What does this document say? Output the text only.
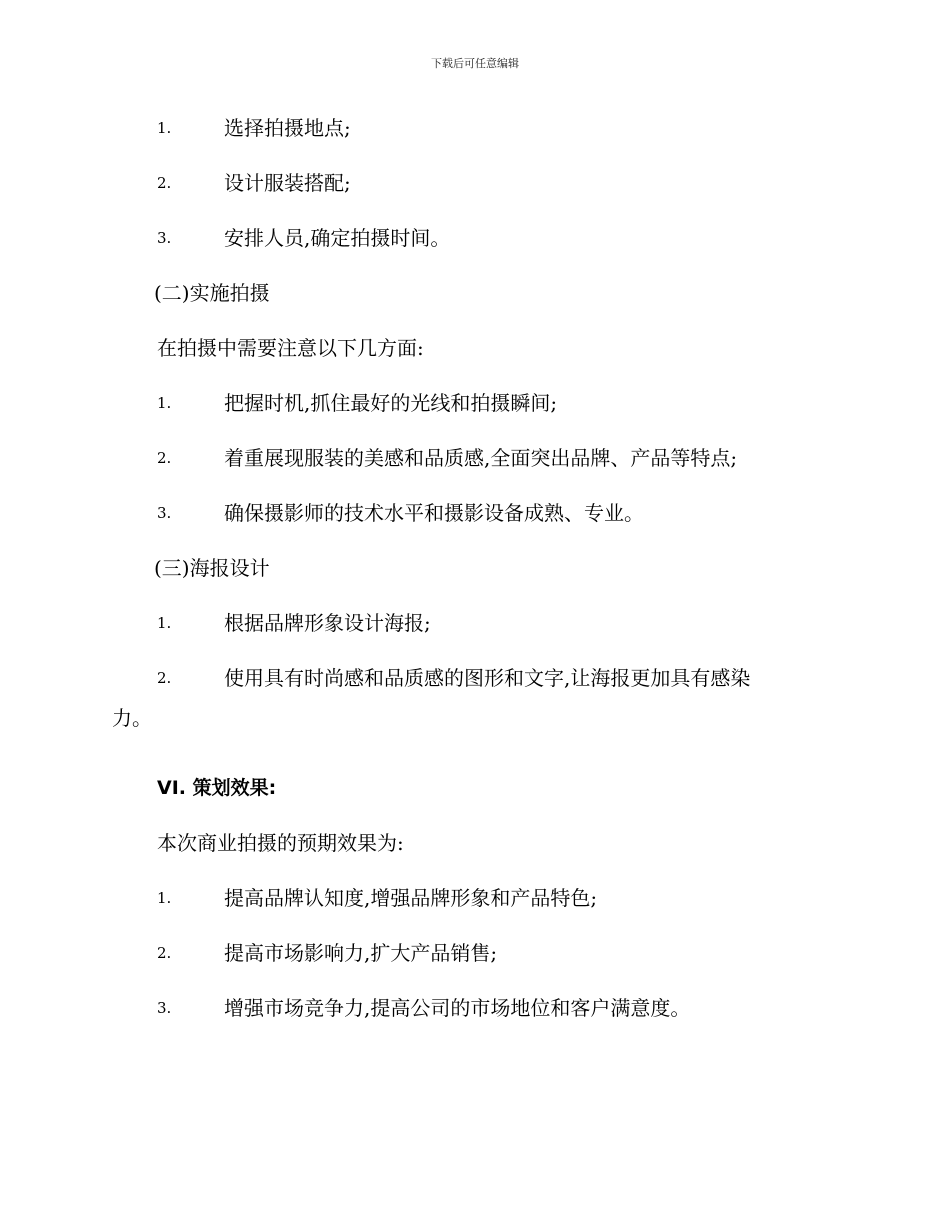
下载后可任意编辑
1.	选择拍摄地点;
2.	设计服装搭配;
3.	安排人员,确定拍摄时间。
(二)实施拍摄
在拍摄中需要注意以下几方面:
1.	把握时机,抓住最好的光线和拍摄瞬间;
2.	着重展现服装的美感和品质感,全面突出品牌、产品等特点;
3.	确保摄影师的技术水平和摄影设备成熟、专业。
(三)海报设计
1.	根据品牌形象设计海报;
2.	使用具有时尚感和品质感的图形和文字,让海报更加具有感染
力。
VI. 策划效果:
本次商业拍摄的预期效果为:
1.	提高品牌认知度,增强品牌形象和产品特色;
2.	提高市场影响力,扩大产品销售;
3.	增强市场竞争力,提高公司的市场地位和客户满意度。
